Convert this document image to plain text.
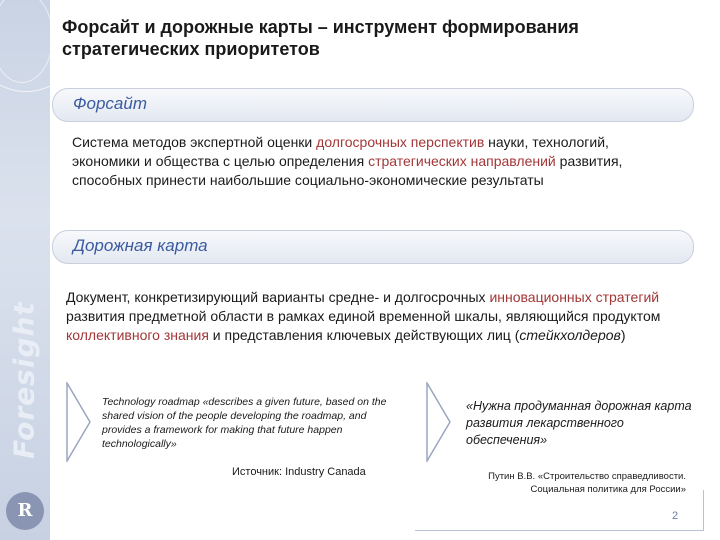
Foresight
R
Форсайт и дорожные карты – инструмент формирования
стратегических приоритетов
Форсайт
Система методов экспертной оценки долгосрочных перспектив науки, технологий, экономики и общества с целью определения стратегических направлений развития, способных принести наибольшие социально-экономические результаты
Дорожная карта
Документ, конкретизирующий варианты средне- и долгосрочных инновационных стратегий развития предметной области в рамках единой временной шкалы, являющийся продуктом коллективного знания и представления ключевых действующих лиц (стейкхолдеров)
Technology roadmap «describes a given future, based on the shared vision of the people developing the roadmap, and provides a framework for making that future happen technologically»
Источник: Industry Canada
«Нужна продуманная дорожная карта развития лекарственного обеспечения»
Путин В.В. «Строительство справедливости.
Социальная политика для России»
2
